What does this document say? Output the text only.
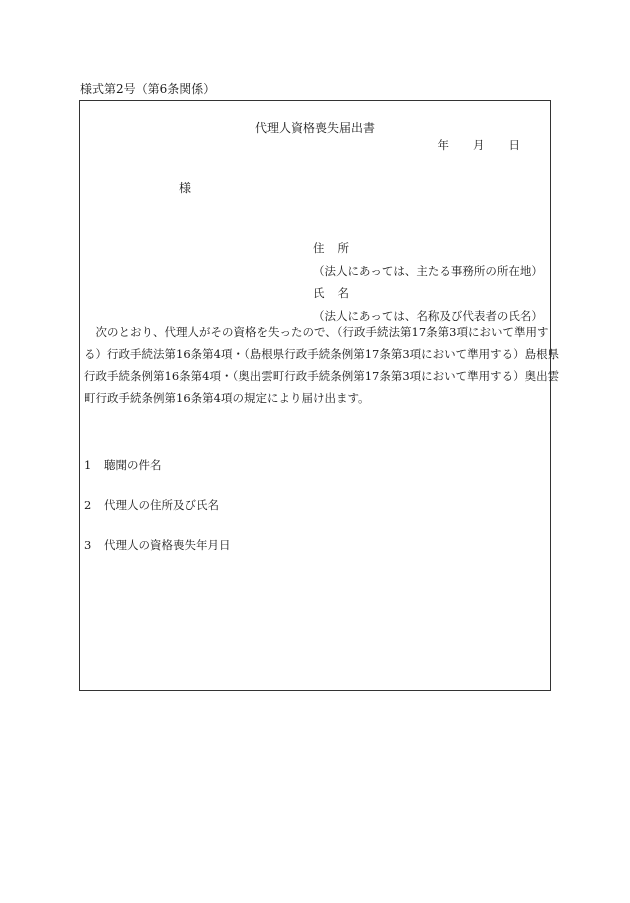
様式第2号（第6条関係）
代理人資格喪失届出書
年 月 日
様
住 所
（法人にあっては、主たる事務所の所在地）
氏 名
（法人にあっては、名称及び代表者の氏名）
　次のとおり、代理人がその資格を失ったので、（行政手続法第17条第3項において準用す
る）行政手続法第16条第4項・（島根県行政手続条例第17条第3項において準用する）島根県
行政手続条例第16条第4項・（奥出雲町行政手続条例第17条第3項において準用する）奥出雲
町行政手続条例第16条第4項の規定により届け出ます。
1 聴聞の件名
2 代理人の住所及び氏名
3 代理人の資格喪失年月日
